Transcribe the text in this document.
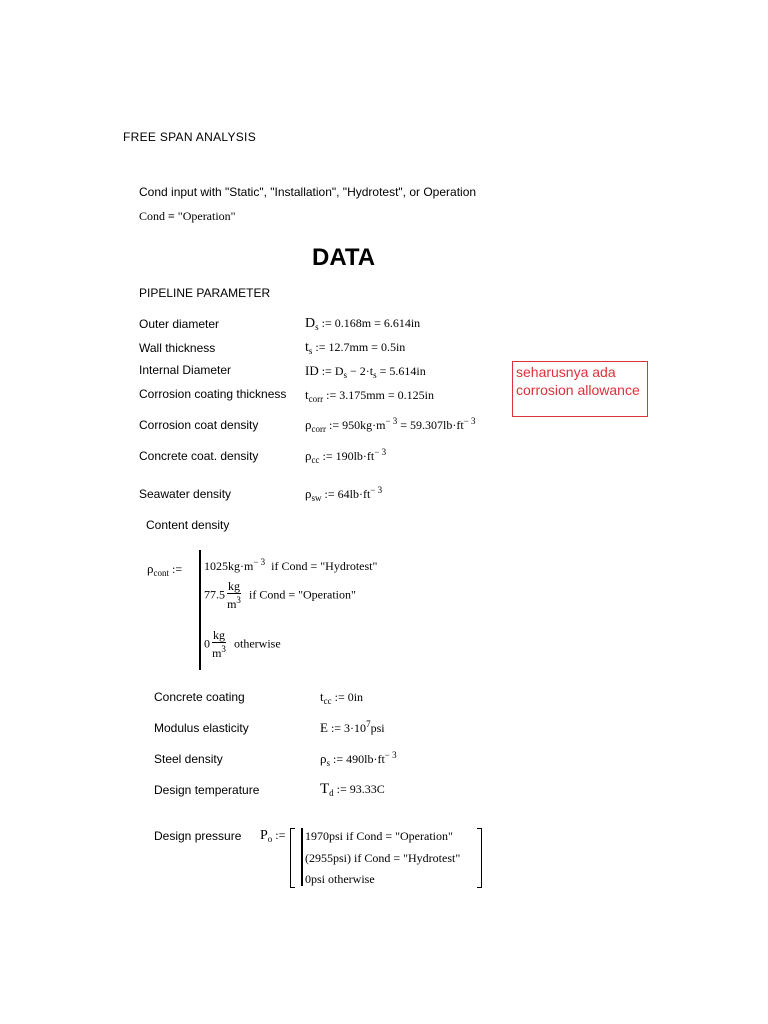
FREE SPAN ANALYSIS
Cond input with "Static", "Installation", "Hydrotest", or Operation
Cond ≡ "Operation"
DATA
PIPELINE PARAMETER
Outer diameter	$D_s$ := 0.168m = 6.614in
Wall thickness	$t_s$ := 12.7mm = 0.5in
Internal Diameter	ID := $D_s - 2\cdot t_s = 5.614in$
Corrosion coating thickness $t_{corr}$ := 3.175mm = 0.125in
Corrosion coat density	$\rho_{corr}$ := $950kg\cdot m^{- 3} = 59.307lb\cdot ft^{- 3}$
Concrete coat. density	$\rho_{cc}$ := $190lb\cdot ft^{- 3}$
Seawater density	$\rho_{sw}$ := $64lb\cdot ft^{- 3}$
seharusnya ada corrosion allowance
Content density
$\rho_{cont}$ := $1025kg\cdot m^{- 3}$ if Cond = "Hydrotest"
$77.5 \frac{kg}{m^3}$ if Cond = "Operation"
$0 \frac{kg}{m^3}$ otherwise
Concrete coating	$t_{cc}$ := 0in
Modulus elasticity	E := $3\cdot 10^7psi$
Steel density	$\rho_s$ := $490lb\cdot ft^{- 3}$
Design temperature	$T_d$ := 93.33C
Design pressure $P_o$ := 1970psi if Cond = "Operation"
(2955psi) if Cond = "Hydrotest"
0psi otherwise
